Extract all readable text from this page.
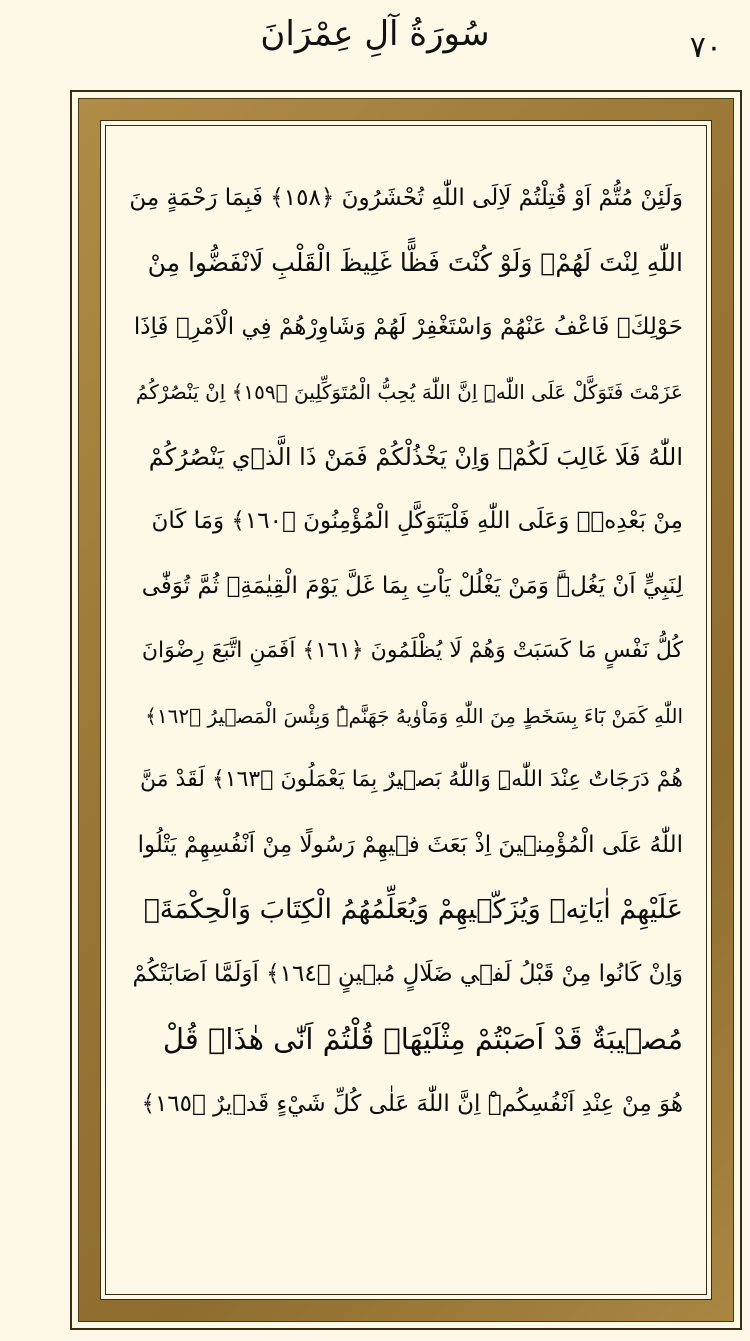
سُورَةُ آلِ عِمْرَانَ	٧٠
وَلَئِنْ مُتُّمْ اَوْ قُتِلْتُمْ لَاِلَى اللّٰهِ تُحْشَرُونَ ﴿١٥٨﴾ فَبِمَا رَحْمَةٍ مِنَ
اللّٰهِ لِنْتَ لَهُمْۚ وَلَوْ كُنْتَ فَظًّا غَلِيظَ الْقَلْبِ لَانْفَضُّوا مِنْ
حَوْلِكَۖ فَاعْفُ عَنْهُمْ وَاسْتَغْفِرْ لَهُمْ وَشَاوِرْهُمْ فِي الْاَمْرِۚ فَاِذَا
عَزَمْتَ فَتَوَكَّلْ عَلَى اللّٰهِۜ اِنَّ اللّٰهَ يُحِبُّ الْمُتَوَكِّلِينَ ﴿١٥٩﴾ اِنْ يَنْصُرْكُمُ
اللّٰهُ فَلَا غَالِبَ لَكُمْۚ وَاِنْ يَخْذُلْكُمْ فَمَنْ ذَا الَّذٖي يَنْصُرُكُمْ
مِنْ بَعْدِهٖۜ وَعَلَى اللّٰهِ فَلْيَتَوَكَّلِ الْمُؤْمِنُونَ ﴿١٦٠﴾ وَمَا كَانَ
لِنَبِيٍّ اَنْ يَغُلَّۜ وَمَنْ يَغْلُلْ يَاْتِ بِمَا غَلَّ يَوْمَ الْقِيٰمَةِۚ ثُمَّ تُوَفّٰى
كُلُّ نَفْسٍ مَا كَسَبَتْ وَهُمْ لَا يُظْلَمُونَ ﴿١٦١﴾ اَفَمَنِ اتَّبَعَ رِضْوَانَ
اللّٰهِ كَمَنْ بَٓاءَ بِسَخَطٍ مِنَ اللّٰهِ وَمَاْوٰيهُ جَهَنَّمُۜ وَبِئْسَ الْمَصٖيرُ ﴿١٦٢﴾
هُمْ دَرَجَاتٌ عِنْدَ اللّٰهِۜ وَاللّٰهُ بَصٖيرٌ بِمَا يَعْمَلُونَ ﴿١٦٣﴾ لَقَدْ مَنَّ
اللّٰهُ عَلَى الْمُؤْمِنٖينَ اِذْ بَعَثَ فٖيهِمْ رَسُولًا مِنْ اَنْفُسِهِمْ يَتْلُوا
عَلَيْهِمْ اٰيَاتِهٖ وَيُزَكّٖيهِمْ وَيُعَلِّمُهُمُ الْكِتَابَ وَالْحِكْمَةَۚ
وَاِنْ كَانُوا مِنْ قَبْلُ لَفٖي ضَلَالٍ مُبٖينٍ ﴿١٦٤﴾ اَوَلَمَّا اَصَابَتْكُمْ
مُصٖيبَةٌ قَدْ اَصَبْتُمْ مِثْلَيْهَاۙ قُلْتُمْ اَنّٰى هٰذَاۜ قُلْ
هُوَ مِنْ عِنْدِ اَنْفُسِكُمْۜ اِنَّ اللّٰهَ عَلٰى كُلِّ شَيْءٍ قَدٖيرٌ ﴿١٦٥﴾
